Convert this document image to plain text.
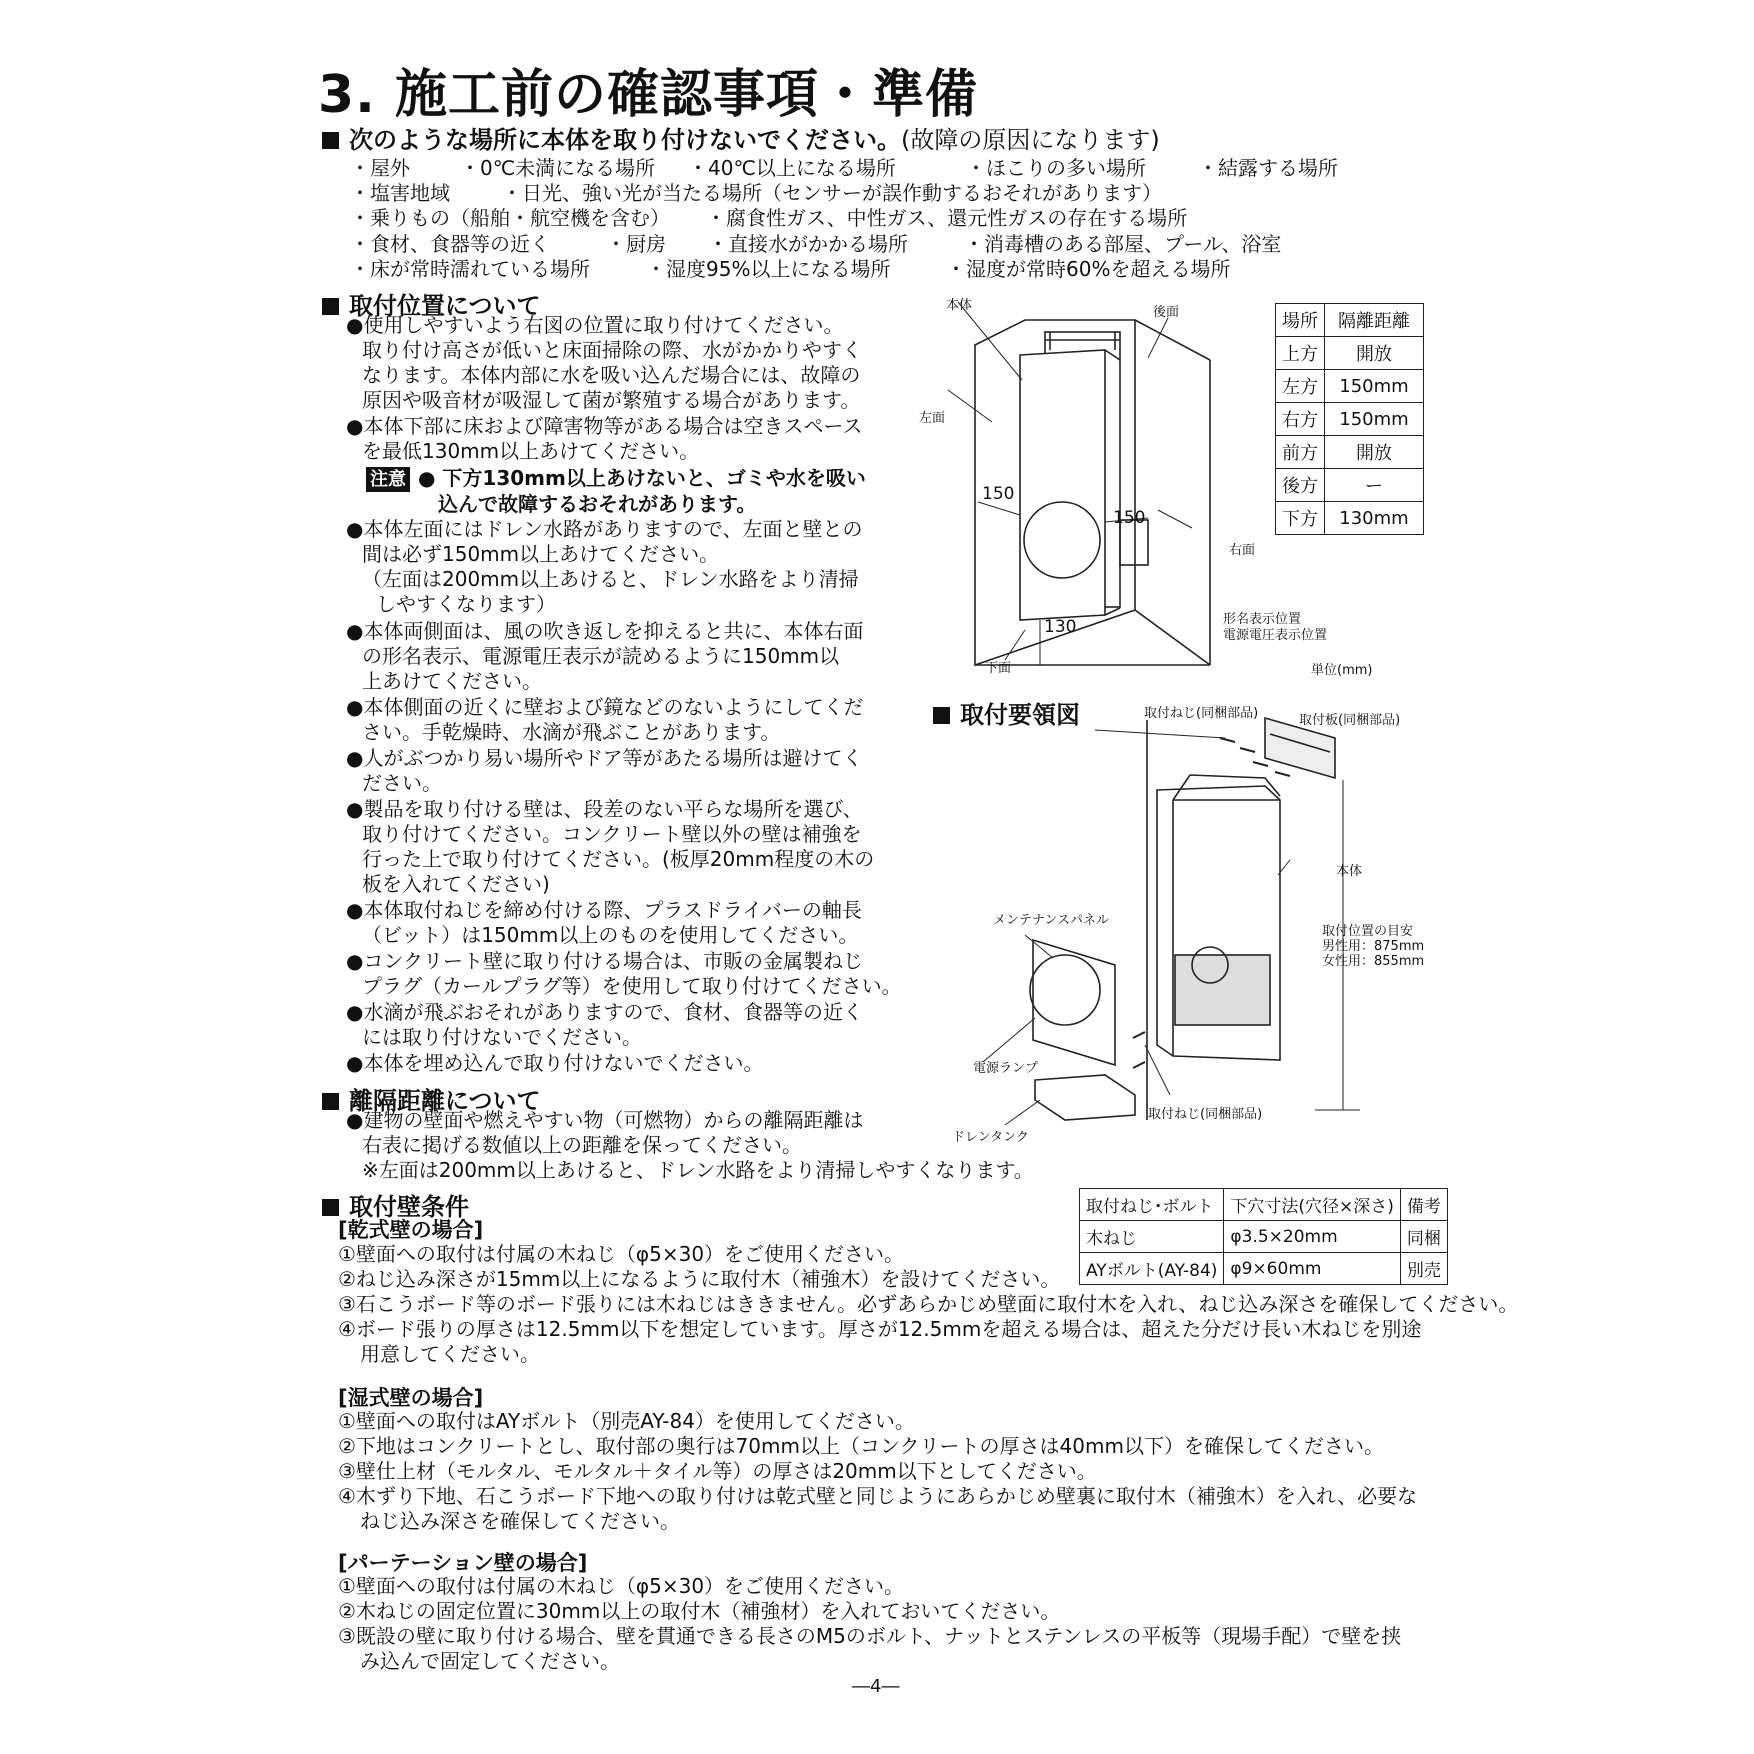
3. 施工前の確認事項・準備
次のような場所に本体を取り付けないでください。(故障の原因になります)
・屋外	・0℃未満になる場所 ・40℃以上になる場所	・ほこりの多い場所	・結露する場所
・塩害地域	・日光、強い光が当たる場所（センサーが誤作動するおそれがあります）
・乗りもの（船舶・航空機を含む） ・腐食性ガス、中性ガス、還元性ガスの存在する場所
・食材、食器等の近く	・厨房 ・直接水がかかる場所	・消毒槽のある部屋、プール、浴室
・床が常時濡れている場所	・湿度95%以上になる場所	・湿度が常時60%を超える場所
取付位置について
●使用しやすいよう右図の位置に取り付けてください。
取り付け高さが低いと床面掃除の際、水がかかりやすく
なります。本体内部に水を吸い込んだ場合には、故障の
原因や吸音材が吸湿して菌が繁殖する場合があります。
●本体下部に床および障害物等がある場合は空きスペース
を最低130mm以上あけてください。
注意 ● 下方130mm以上あけないと、ゴミや水を吸い
込んで故障するおそれがあります。
●本体左面にはドレン水路がありますので、左面と壁との
間は必ず150mm以上あけてください。
（左面は200mm以上あけると、ドレン水路をより清掃
しやすくなります）
●本体両側面は、風の吹き返しを抑えると共に、本体右面
の形名表示、電源電圧表示が読めるように150mm以
上あけてください。
●本体側面の近くに壁および鏡などのないようにしてくだ
さい。手乾燥時、水滴が飛ぶことがあります。
●人がぶつかり易い場所やドア等があたる場所は避けてく
ださい。
●製品を取り付ける壁は、段差のない平らな場所を選び、
取り付けてください。コンクリート壁以外の壁は補強を
行った上で取り付けてください。(板厚20mm程度の木の
板を入れてください)
●本体取付ねじを締め付ける際、プラスドライバーの軸長
（ビット）は150mm以上のものを使用してください。
●コンクリート壁に取り付ける場合は、市販の金属製ねじ
プラグ（カールプラグ等）を使用して取り付けてください。
●水滴が飛ぶおそれがありますので、食材、食器等の近く
には取り付けないでください。
●本体を埋め込んで取り付けないでください。
離隔距離について
●建物の壁面や燃えやすい物（可燃物）からの離隔距離は
右表に掲げる数値以上の距離を保ってください。
※左面は200mm以上あけると、ドレン水路をより清掃しやすくなります。
場所	隔離距離
上方	開放
左方	150mm
右方	150mm
前方	開放
後方	ー
下方	130mm
本体	後面
左面
右面
下面
150
150
130	形名表示位置
電源電圧表示位置
単位(mm)
取付要領図	取付ねじ(同梱部品)	取付板(同梱部品)
本体
メンテナンスパネル
取付位置の目安
男性用：875mm
女性用：855mm
電源ランプ
取付ねじ(同梱部品)
ドレンタンク
取付壁条件	取付ねじ･ボルト	下穴寸法(穴径×深さ)	備考
木ねじ	φ3.5×20mm	同梱
AYボルト(AY-84)	φ9×60mm	別売
[乾式壁の場合]
①壁面への取付は付属の木ねじ（φ5×30）をご使用ください。
②ねじ込み深さが15mm以上になるように取付木（補強木）を設けてください。
③石こうボード等のボード張りには木ねじはききません。必ずあらかじめ壁面に取付木を入れ、ねじ込み深さを確保してください。
④ボード張りの厚さは12.5mm以下を想定しています。厚さが12.5mmを超える場合は、超えた分だけ長い木ねじを別途
用意してください。
[湿式壁の場合]
①壁面への取付はAYボルト（別売AY-84）を使用してください。
②下地はコンクリートとし、取付部の奥行は70mm以上（コンクリートの厚さは40mm以下）を確保してください。
③壁仕上材（モルタル、モルタル＋タイル等）の厚さは20mm以下としてください。
④木ずり下地、石こうボード下地への取り付けは乾式壁と同じようにあらかじめ壁裏に取付木（補強木）を入れ、必要な
ねじ込み深さを確保してください。
[パーテーション壁の場合]
①壁面への取付は付属の木ねじ（φ5×30）をご使用ください。
②木ねじの固定位置に30mm以上の取付木（補強材）を入れておいてください。
③既設の壁に取り付ける場合、壁を貫通できる長さのM5のボルト、ナットとステンレスの平板等（現場手配）で壁を挟
み込んで固定してください。
―4―
